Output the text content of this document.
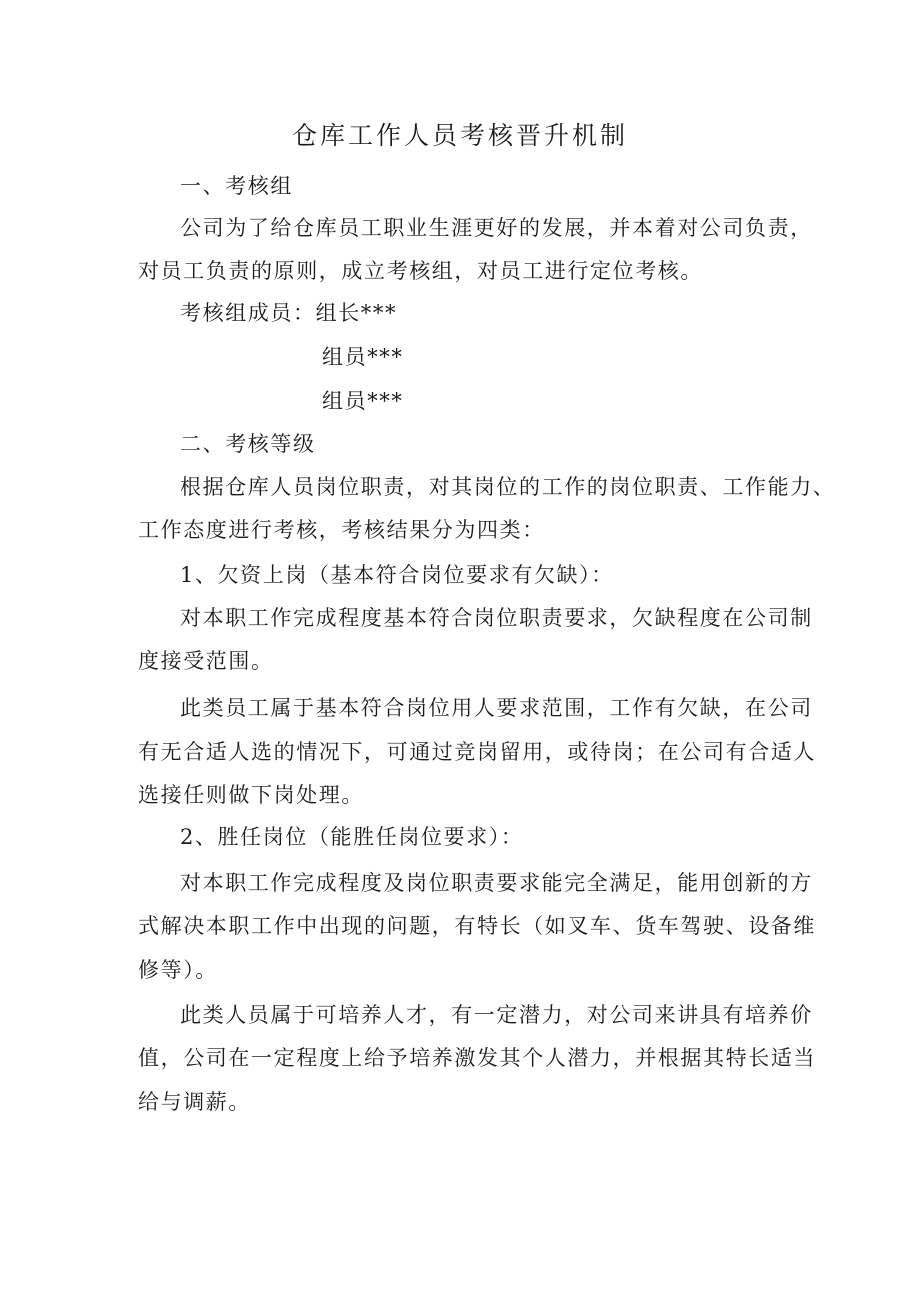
仓库工作人员考核晋升机制
一、考核组
公司为了给仓库员工职业生涯更好的发展，并本着对公司负责，
对员工负责的原则，成立考核组，对员工进行定位考核。
考核组成员：组长***
组员***
组员***
二、考核等级
根据仓库人员岗位职责，对其岗位的工作的岗位职责、工作能力、
工作态度进行考核，考核结果分为四类：
1、欠资上岗（基本符合岗位要求有欠缺）：
对本职工作完成程度基本符合岗位职责要求，欠缺程度在公司制
度接受范围。
此类员工属于基本符合岗位用人要求范围，工作有欠缺，在公司
有无合适人选的情况下，可通过竞岗留用，或待岗；在公司有合适人
选接任则做下岗处理。
2、胜任岗位（能胜任岗位要求）：
对本职工作完成程度及岗位职责要求能完全满足，能用创新的方
式解决本职工作中出现的问题，有特长（如叉车、货车驾驶、设备维
修等）。
此类人员属于可培养人才，有一定潜力，对公司来讲具有培养价
值，公司在一定程度上给予培养激发其个人潜力，并根据其特长适当
给与调薪。
